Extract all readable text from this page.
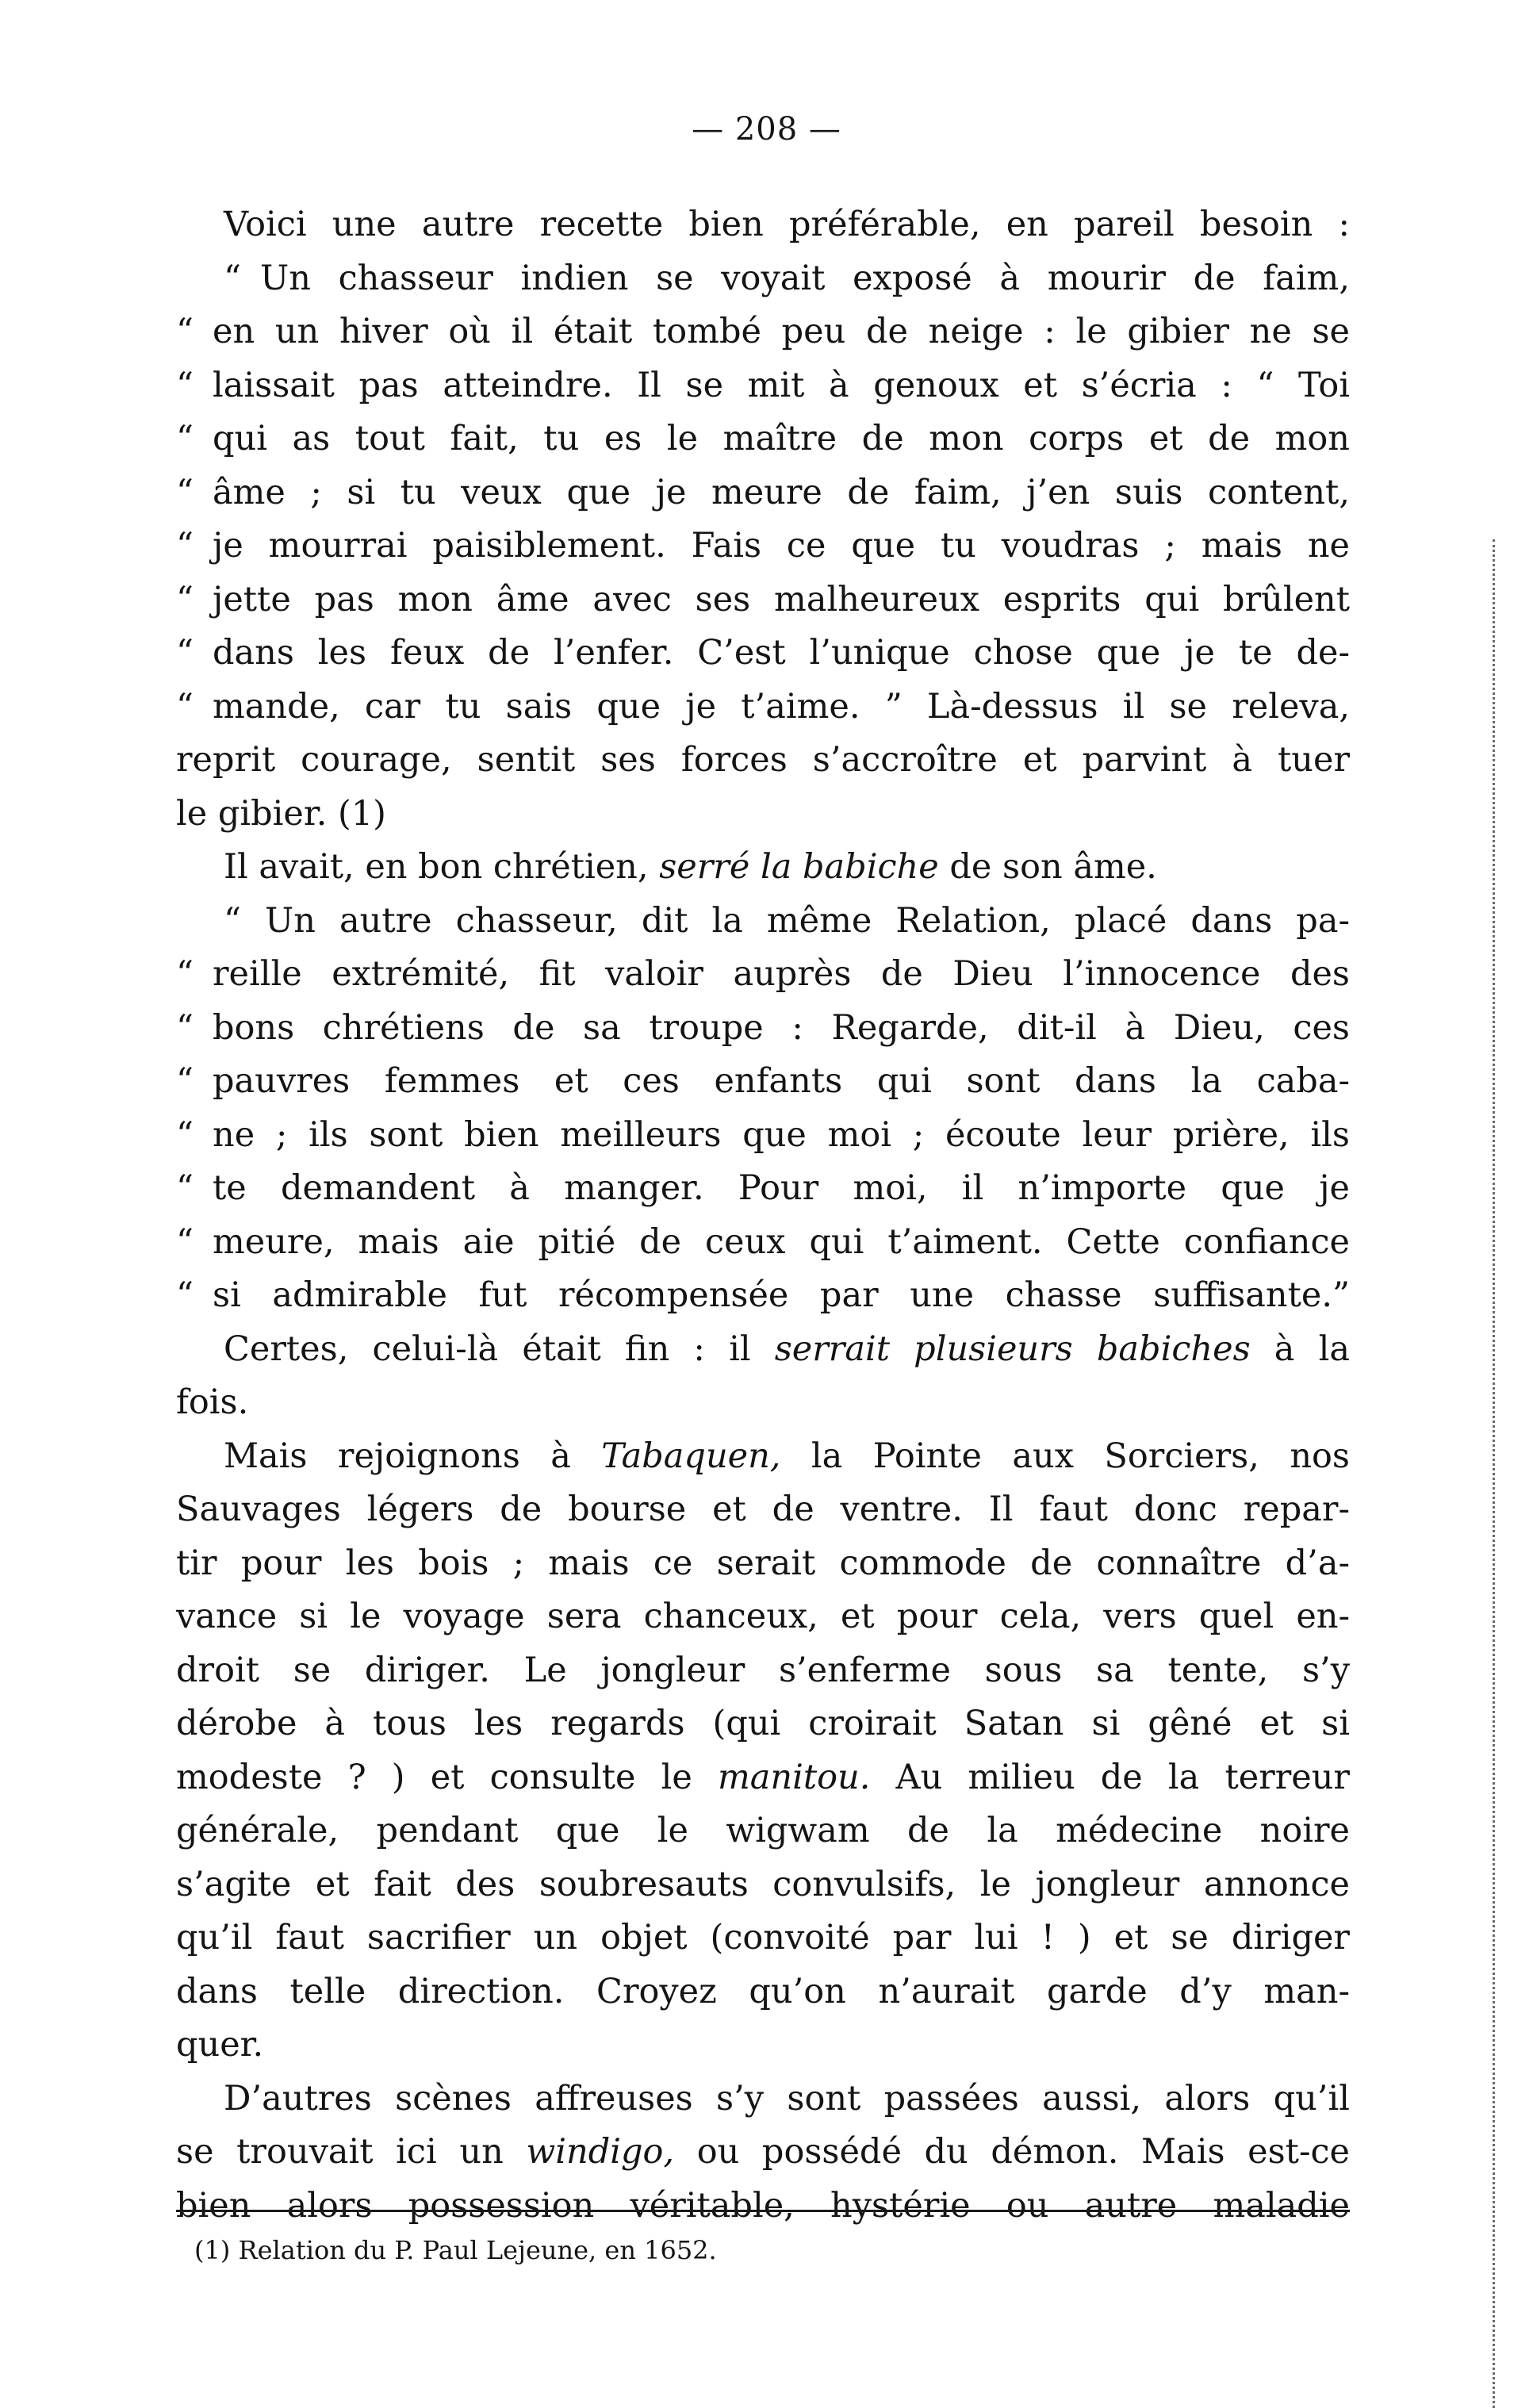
— 208 —
Voici une autre recette bien préférable, en pareil besoin :
“ Un chasseur indien se voyait exposé à mourir de faim,
“ en un hiver où il était tombé peu de neige : le gibier ne se
“ laissait pas atteindre. Il se mit à genoux et s’écria : “ Toi
“ qui as tout fait, tu es le maître de mon corps et de mon
“ âme ; si tu veux que je meure de faim, j’en suis content,
“ je mourrai paisiblement. Fais ce que tu voudras ; mais ne
“ jette pas mon âme avec ses malheureux esprits qui brûlent
“ dans les feux de l’enfer. C’est l’unique chose que je te de-
“ mande, car tu sais que je t’aime. ” Là-dessus il se releva,
reprit courage, sentit ses forces s’accroître et parvint à tuer
le gibier. (1)
Il avait, en bon chrétien, serré la babiche de son âme.
“ Un autre chasseur, dit la même Relation, placé dans pa-
“ reille extrémité, fit valoir auprès de Dieu l’innocence des
“ bons chrétiens de sa troupe : Regarde, dit-il à Dieu, ces
“ pauvres femmes et ces enfants qui sont dans la caba-
“ ne ; ils sont bien meilleurs que moi ; écoute leur prière, ils
“ te demandent à manger. Pour moi, il n’importe que je
“ meure, mais aie pitié de ceux qui t’aiment. Cette confiance
“ si admirable fut récompensée par une chasse suffisante.”
Certes, celui-là était fin : il serrait plusieurs babiches à la
fois.
Mais rejoignons à Tabaquen, la Pointe aux Sorciers, nos
Sauvages légers de bourse et de ventre. Il faut donc repar-
tir pour les bois ; mais ce serait commode de connaître d’a-
vance si le voyage sera chanceux, et pour cela, vers quel en-
droit se diriger. Le jongleur s’enferme sous sa tente, s’y
dérobe à tous les regards (qui croirait Satan si gêné et si
modeste ? ) et consulte le manitou. Au milieu de la terreur
générale, pendant que le wigwam de la médecine noire
s’agite et fait des soubresauts convulsifs, le jongleur annonce
qu’il faut sacrifier un objet (convoité par lui ! ) et se diriger
dans telle direction. Croyez qu’on n’aurait garde d’y man-
quer.
D’autres scènes affreuses s’y sont passées aussi, alors qu’il
se trouvait ici un windigo, ou possédé du démon. Mais est-ce
bien alors possession véritable, hystérie ou autre maladie
(1) Relation du P. Paul Lejeune, en 1652.
